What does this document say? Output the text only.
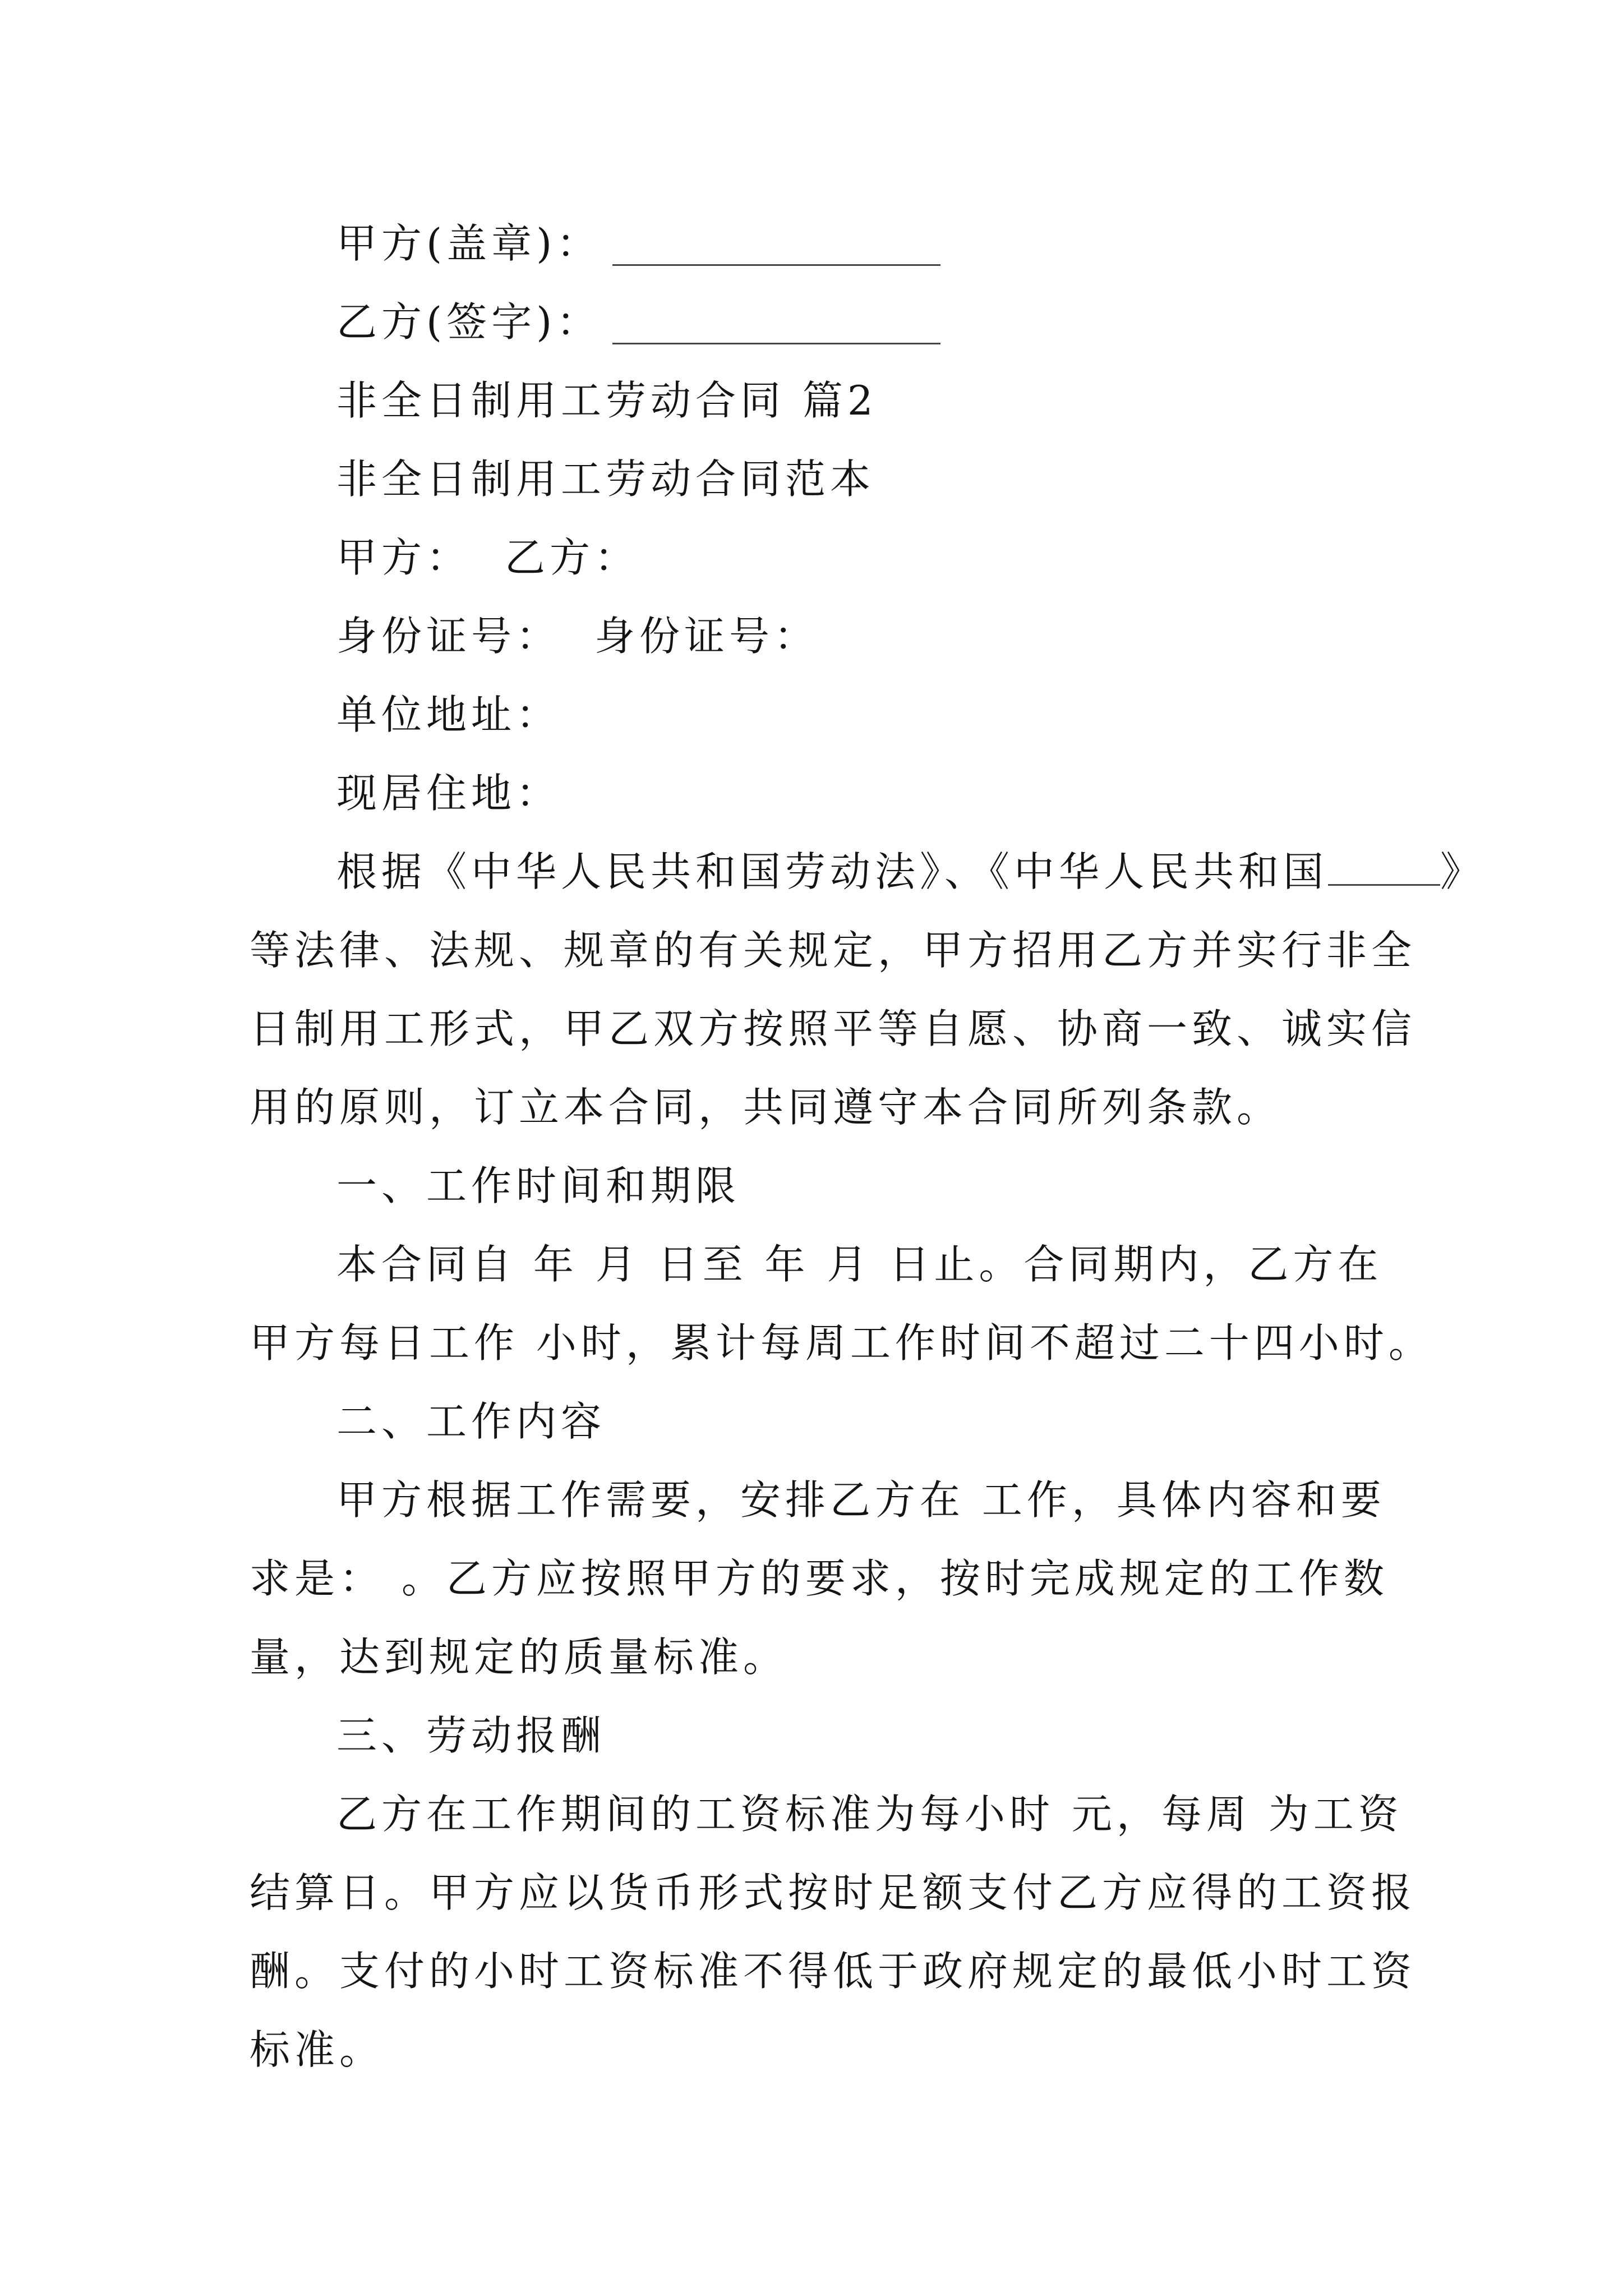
甲方(盖章)：
乙方(签字)：
非全日制用工劳动合同 篇2
非全日制用工劳动合同范本
甲方： 乙方：
身份证号： 身份证号：
单位地址：
现居住地：
根据《中华人民共和国劳动法》、《中华人民共和国	》
等法律、法规、规章的有关规定，甲方招用乙方并实行非全
日制用工形式，甲乙双方按照平等自愿、协商一致、诚实信
用的原则，订立本合同，共同遵守本合同所列条款。
一、工作时间和期限
本合同自 年 月 日至 年 月 日止。合同期内，乙方在
甲方每日工作 小时，累计每周工作时间不超过二十四小时。
二、工作内容
甲方根据工作需要，安排乙方在 工作，具体内容和要
求是： 。乙方应按照甲方的要求，按时完成规定的工作数
量，达到规定的质量标准。
三、劳动报酬
乙方在工作期间的工资标准为每小时 元，每周 为工资
结算日。甲方应以货币形式按时足额支付乙方应得的工资报
酬。支付的小时工资标准不得低于政府规定的最低小时工资
标准。
